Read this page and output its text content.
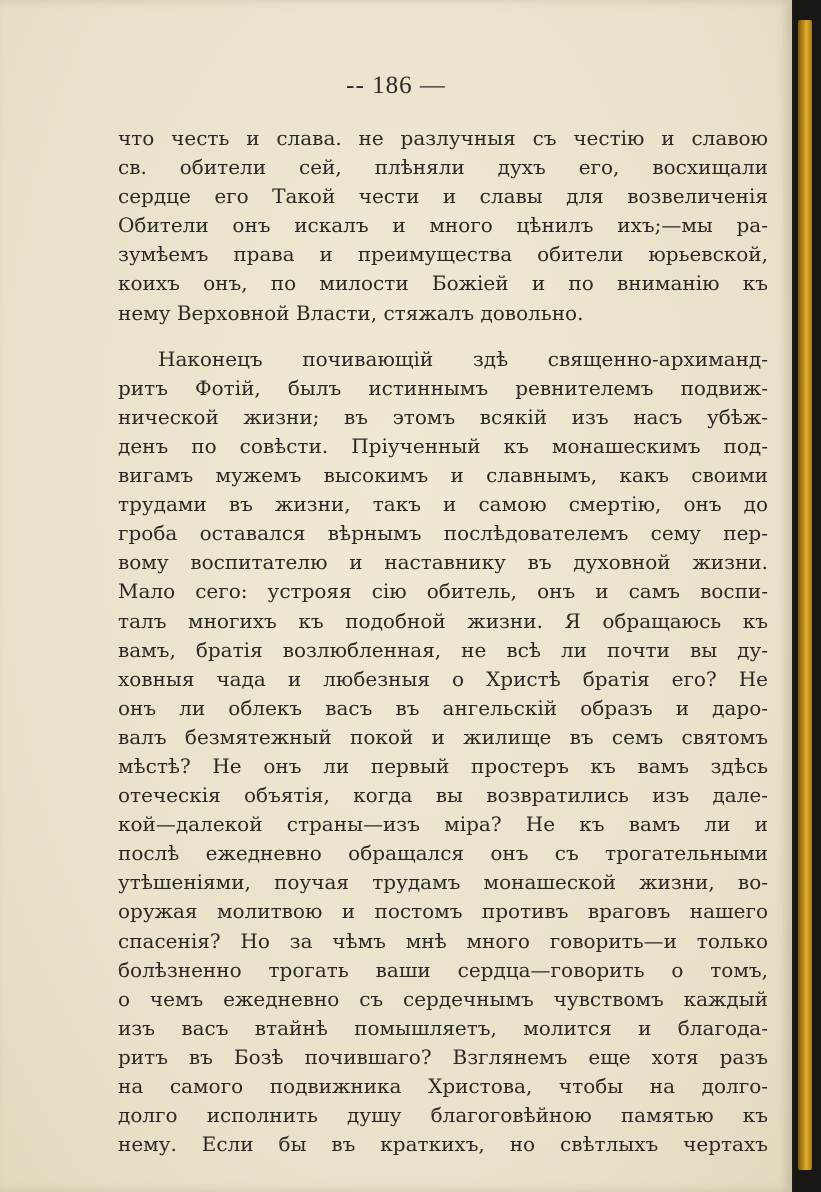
-- 186 —
что честь и слава. не разлучныя съ честію и славою
св. обители сей, плѣняли духъ его, восхищали
сердце его Такой чести и славы для возвеличенія
Обители онъ искалъ и много цѣнилъ ихъ;—мы ра-
зумѣемъ права и преимущества обители юрьевской,
коихъ онъ, по милости Божіей и по вниманію къ
нему Верховной Власти, стяжалъ довольно.
Наконецъ почивающій здѣ священно-архиманд-
ритъ Фотій, былъ истиннымъ ревнителемъ подвиж-
нической жизни; въ этомъ всякій изъ насъ убѣж-
денъ по совѣсти. Пріученный къ монашескимъ под-
вигамъ мужемъ высокимъ и славнымъ, какъ своими
трудами въ жизни, такъ и самою смертію, онъ до
гроба оставался вѣрнымъ послѣдователемъ сему пер-
вому воспитателю и наставнику въ духовной жизни.
Мало сего: устрояя сію обитель, онъ и самъ воспи-
талъ многихъ къ подобной жизни. Я обращаюсь къ
вамъ, братія возлюбленная, не всѣ ли почти вы ду-
ховныя чада и любезныя о Христѣ братія его? Не
онъ ли облекъ васъ въ ангельскій образъ и даро-
валъ безмятежный покой и жилище въ семъ святомъ
мѣстѣ? Не онъ ли первый простеръ къ вамъ здѣсь
отеческія объятія, когда вы возвратились изъ дале-
кой—далекой страны—изъ міра? Не къ вамъ ли и
послѣ ежедневно обращался онъ съ трогательными
утѣшеніями, поучая трудамъ монашеской жизни, во-
оружая молитвою и постомъ противъ враговъ нашего
спасенія? Но за чѣмъ мнѣ много говорить—и только
болѣзненно трогать ваши сердца—говорить о томъ,
о чемъ ежедневно съ сердечнымъ чувствомъ каждый
изъ васъ втайнѣ помышляетъ, молится и благода-
ритъ въ Бозѣ почившаго? Взглянемъ еще хотя разъ
на самого подвижника Христова, чтобы на долго-
долго исполнить душу благоговѣйною памятью къ
нему. Если бы въ краткихъ, но свѣтлыхъ чертахъ
